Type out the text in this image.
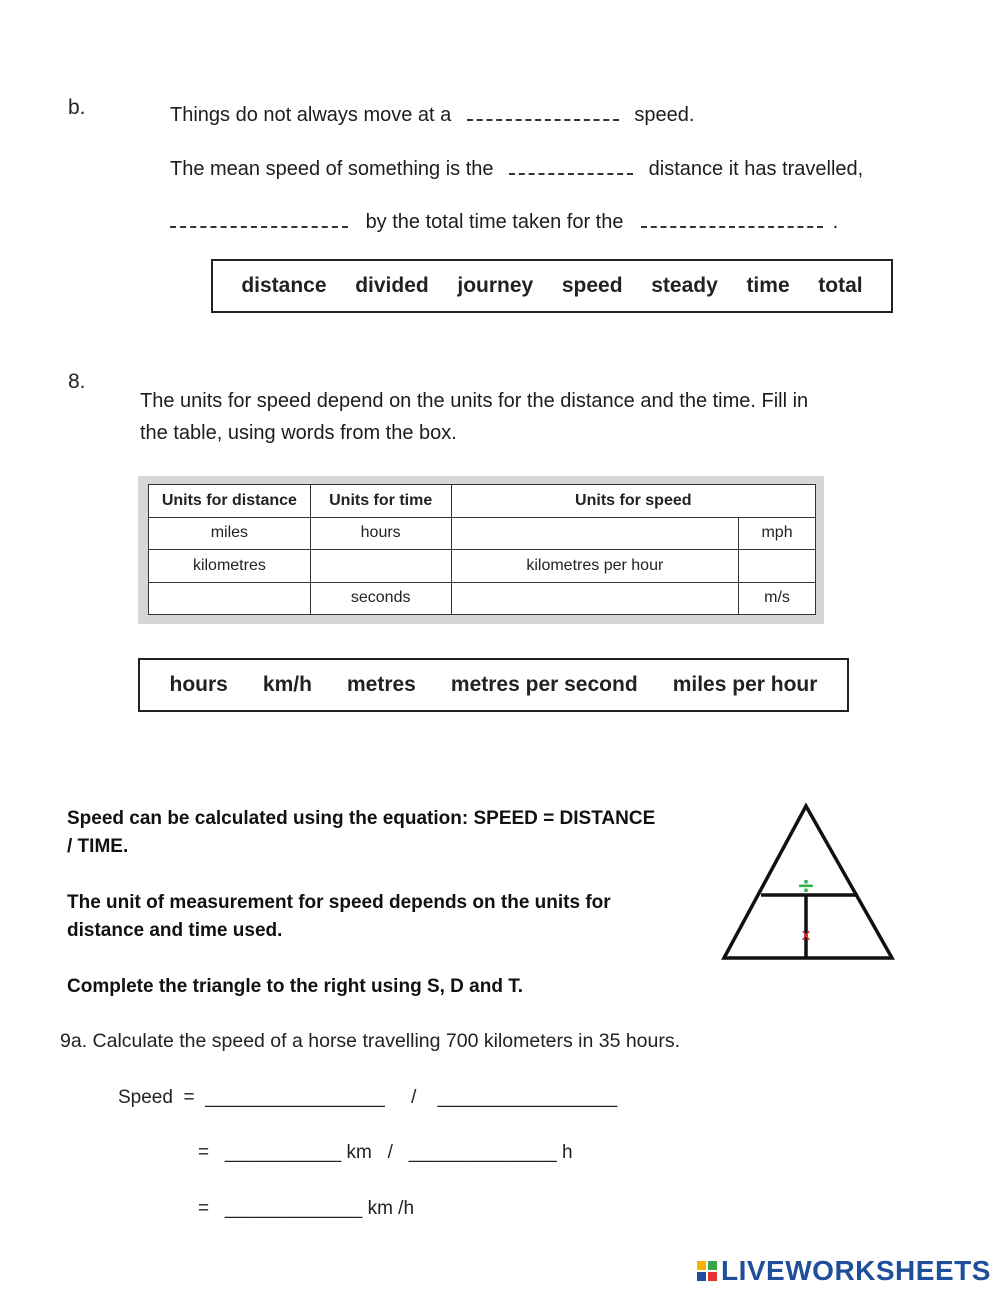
b.	Things do not always move at a	speed.
The mean speed of something is the	distance it has travelled,
by the total time taken for the	.
distance divided journey speed steady time total
8.
The units for speed depend on the units for the distance and the time. Fill in
the table, using words from the box.
Units for distance	Units for time	Units for speed	
miles	hours		mph
kilometres		kilometres per hour	
	seconds		m/s
hours km/h metres metres per second miles per hour
Speed can be calculated using the equation: SPEED = DISTANCE
/ TIME.
The unit of measurement for speed depends on the units for
distance and time used.
Complete the triangle to the right using S, D and T.
÷
x
9a. Calculate the speed of a horse travelling 700 kilometers in 35 hours.
Speed  =  _________________     /    _________________
=   ___________ km   /   ______________ h
=   _____________ km /h
LIVEWORKSHEETS
